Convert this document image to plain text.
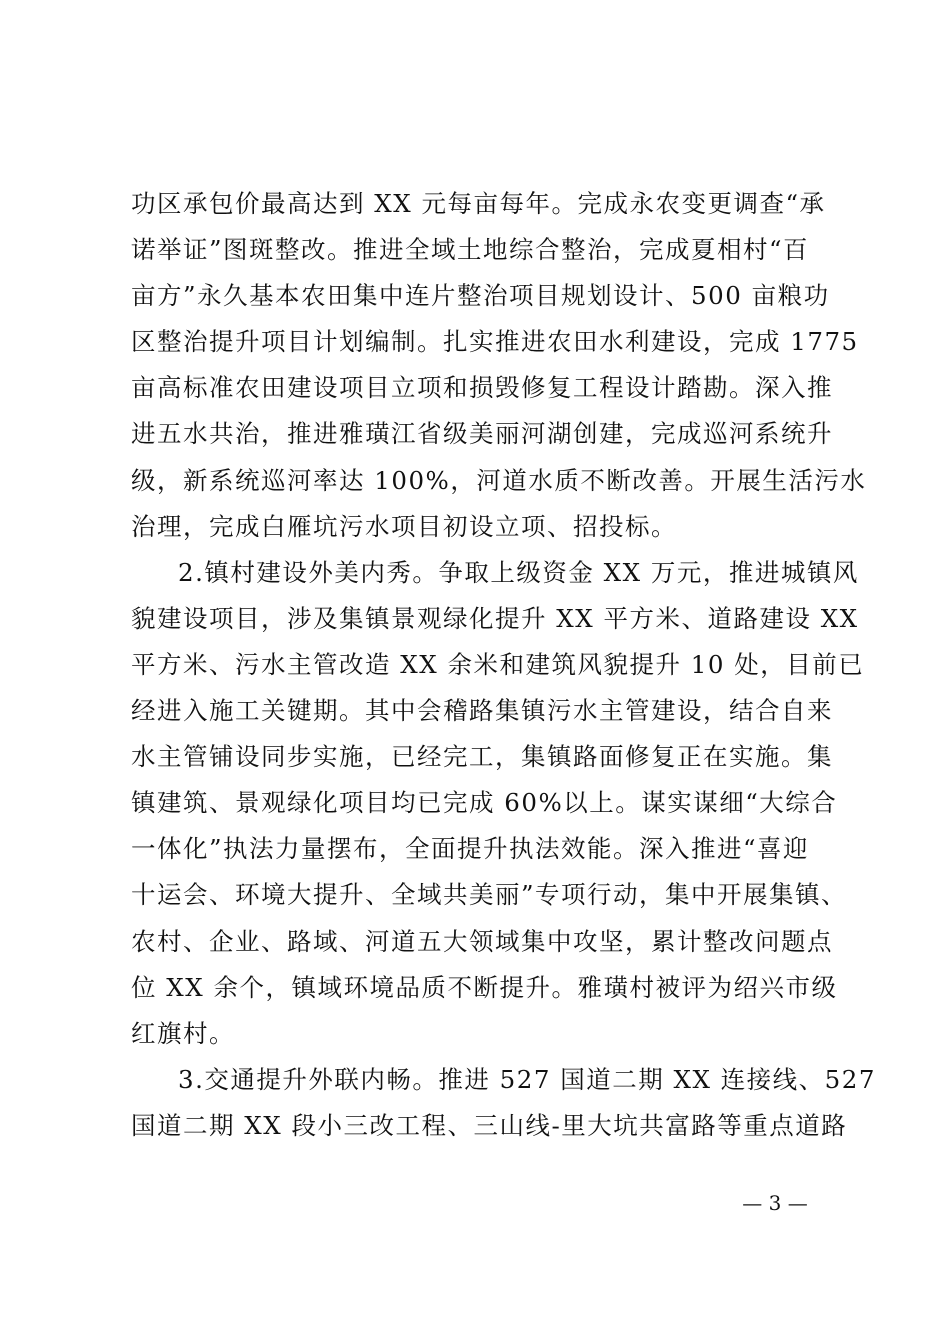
功区承包价最高达到 XX 元每亩每年。完成永农变更调查“承
诺举证”图斑整改。推进全域土地综合整治，完成夏相村“百
亩方”永久基本农田集中连片整治项目规划设计、500 亩粮功
区整治提升项目计划编制。扎实推进农田水利建设，完成 1775
亩高标准农田建设项目立项和损毁修复工程设计踏勘。深入推
进五水共治，推进雅璜江省级美丽河湖创建，完成巡河系统升
级，新系统巡河率达 100%，河道水质不断改善。开展生活污水
治理，完成白雁坑污水项目初设立项、招投标。
2.镇村建设外美内秀。争取上级资金 XX 万元，推进城镇风
貌建设项目，涉及集镇景观绿化提升 XX 平方米、道路建设 XX
平方米、污水主管改造 XX 余米和建筑风貌提升 10 处，目前已
经进入施工关键期。其中会稽路集镇污水主管建设，结合自来
水主管铺设同步实施，已经完工，集镇路面修复正在实施。集
镇建筑、景观绿化项目均已完成 60%以上。谋实谋细“大综合
一体化”执法力量摆布，全面提升执法效能。深入推进“喜迎
十运会、环境大提升、全域共美丽”专项行动，集中开展集镇、
农村、企业、路域、河道五大领域集中攻坚，累计整改问题点
位 XX 余个，镇域环境品质不断提升。雅璜村被评为绍兴市级
红旗村。
3.交通提升外联内畅。推进 527 国道二期 XX 连接线、527
国道二期 XX 段小三改工程、三山线-里大坑共富路等重点道路
— 3 —
